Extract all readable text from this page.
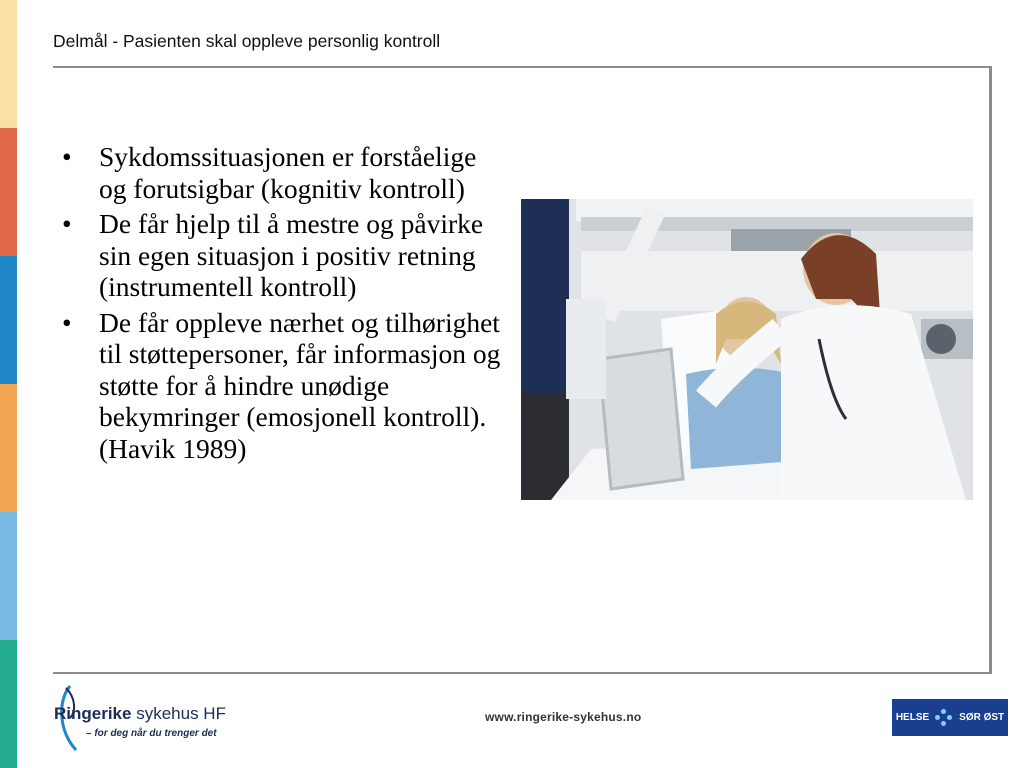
Delmål - Pasienten skal oppleve personlig kontroll
• Sykdomssituasjonen er forståelige og forutsigbar (kognitiv kontroll)
• De får hjelp til å mestre og påvirke sin egen situasjon i positiv retning (instrumentell kontroll)
• De får oppleve nærhet og tilhørighet til støttepersoner, får informasjon og støtte for å hindre unødige bekymringer (emosjonell kontroll). (Havik 1989)
Ringerike sykehus HF
– for deg når du trenger det
www.ringerike-sykehus.no	HELSE	SØR ØST
